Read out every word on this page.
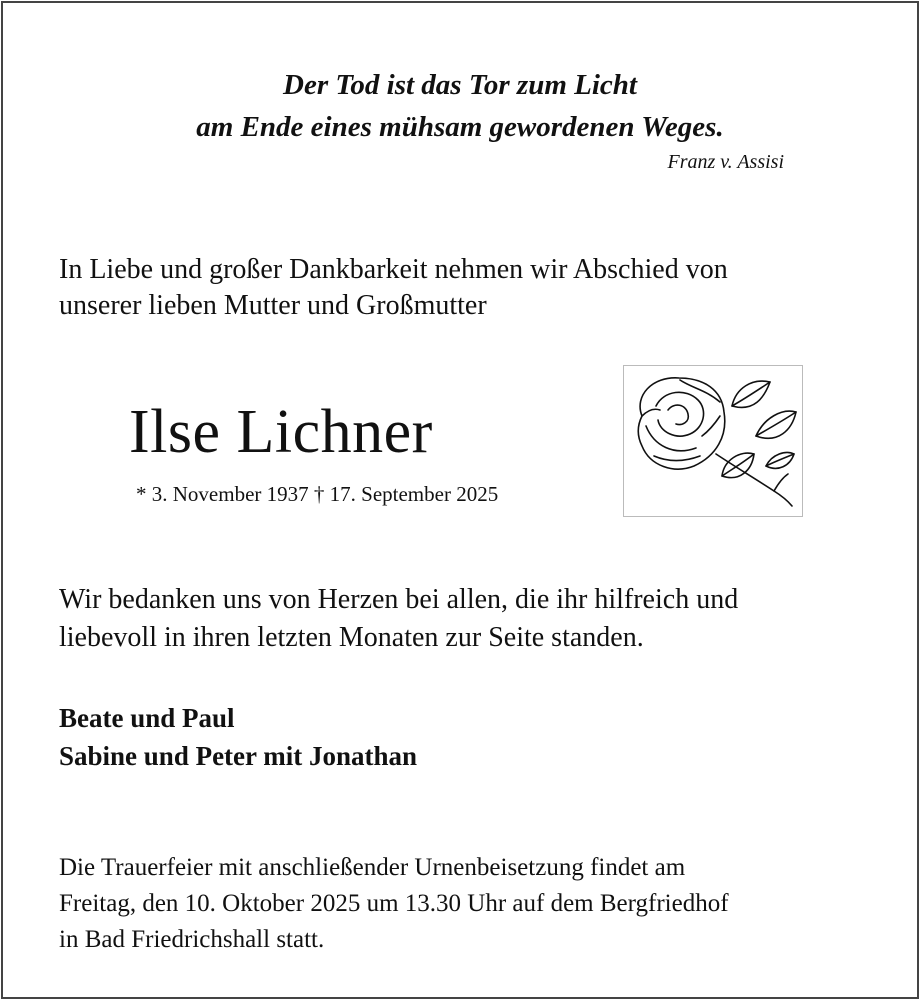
Der Tod ist das Tor zum Licht
am Ende eines mühsam gewordenen Weges.
Franz v. Assisi
In Liebe und großer Dankbarkeit nehmen wir Abschied von
unserer lieben Mutter und Großmutter
Ilse Lichner
* 3. November 1937 † 17. September 2025
Wir bedanken uns von Herzen bei allen, die ihr hilfreich und
liebevoll in ihren letzten Monaten zur Seite standen.
Beate und Paul
Sabine und Peter mit Jonathan
Die Trauerfeier mit anschließender Urnenbeisetzung findet am
Freitag, den 10. Oktober 2025 um 13.30 Uhr auf dem Bergfriedhof
in Bad Friedrichshall statt.
